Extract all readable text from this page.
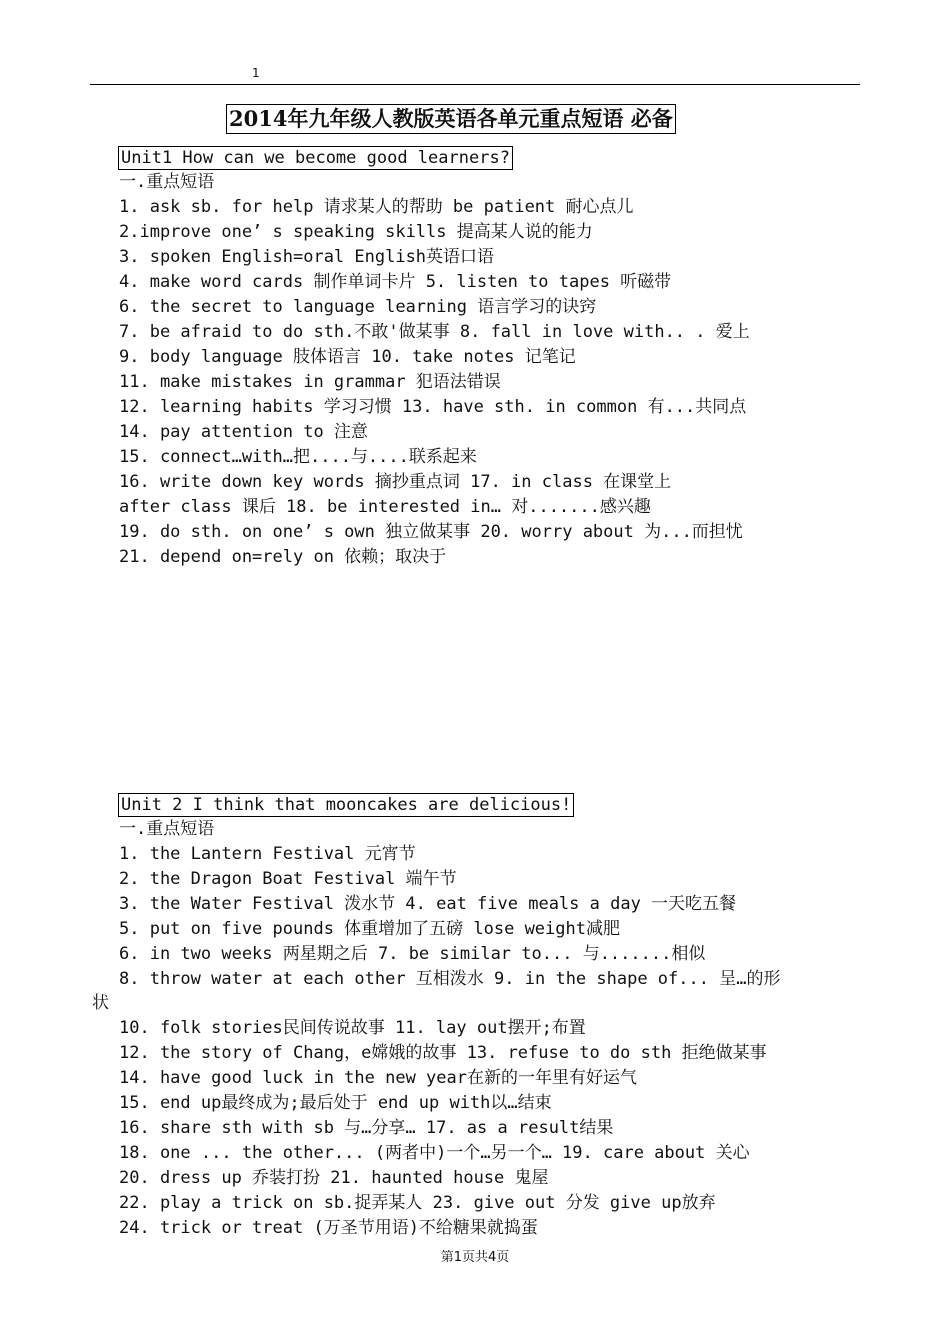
1
2014年九年级人教版英语各单元重点短语 必备
Unit1 How can we become good learners?
一.重点短语
1. ask sb. for help 请求某人的帮助 be patient 耐心点儿
2.improve one’ s speaking skills 提高某人说的能力
3. spoken English=oral English英语口语
4. make word cards 制作单词卡片 5. listen to tapes 听磁带
6. the secret to language learning 语言学习的诀窍
7. be afraid to do sth.不敢'做某事 8. fall in love with.. . 爱上
9. body language 肢体语言 10. take notes 记笔记
11. make mistakes in grammar 犯语法错误
12. learning habits 学习习惯 13. have sth. in common 有...共同点
14. pay attention to 注意
15. connect…with…把....与....联系起来
16. write down key words 摘抄重点词 17. in class 在课堂上
after class 课后 18. be interested in… 对.......感兴趣
19. do sth. on one’ s own 独立做某事 20. worry about 为...而担忧
21. depend on=rely on 依赖；取决于
Unit 2 I think that mooncakes are delicious!
一.重点短语
1. the Lantern Festival 元宵节
2. the Dragon Boat Festival 端午节
3. the Water Festival 泼水节 4. eat five meals a day 一天吃五餐
5. put on five pounds 体重增加了五磅 lose weight减肥
6. in two weeks 两星期之后 7. be similar to... 与.......相似
8. throw water at each other 互相泼水 9. in the shape of... 呈…的形
状
10. folk stories民间传说故事 11. lay out摆开;布置
12. the story of Chang，e嫦娥的故事 13. refuse to do sth 拒绝做某事
14. have good luck in the new year在新的一年里有好运气
15. end up最终成为;最后处于 end up with以…结束
16. share sth with sb 与…分享… 17. as a result结果
18. one ... the other... (两者中)一个…另一个… 19. care about 关心
20. dress up 乔装打扮 21. haunted house 鬼屋
22. play a trick on sb.捉弄某人 23. give out 分发 give up放弃
24. trick or treat (万圣节用语)不给糖果就捣蛋
第1页共4页
